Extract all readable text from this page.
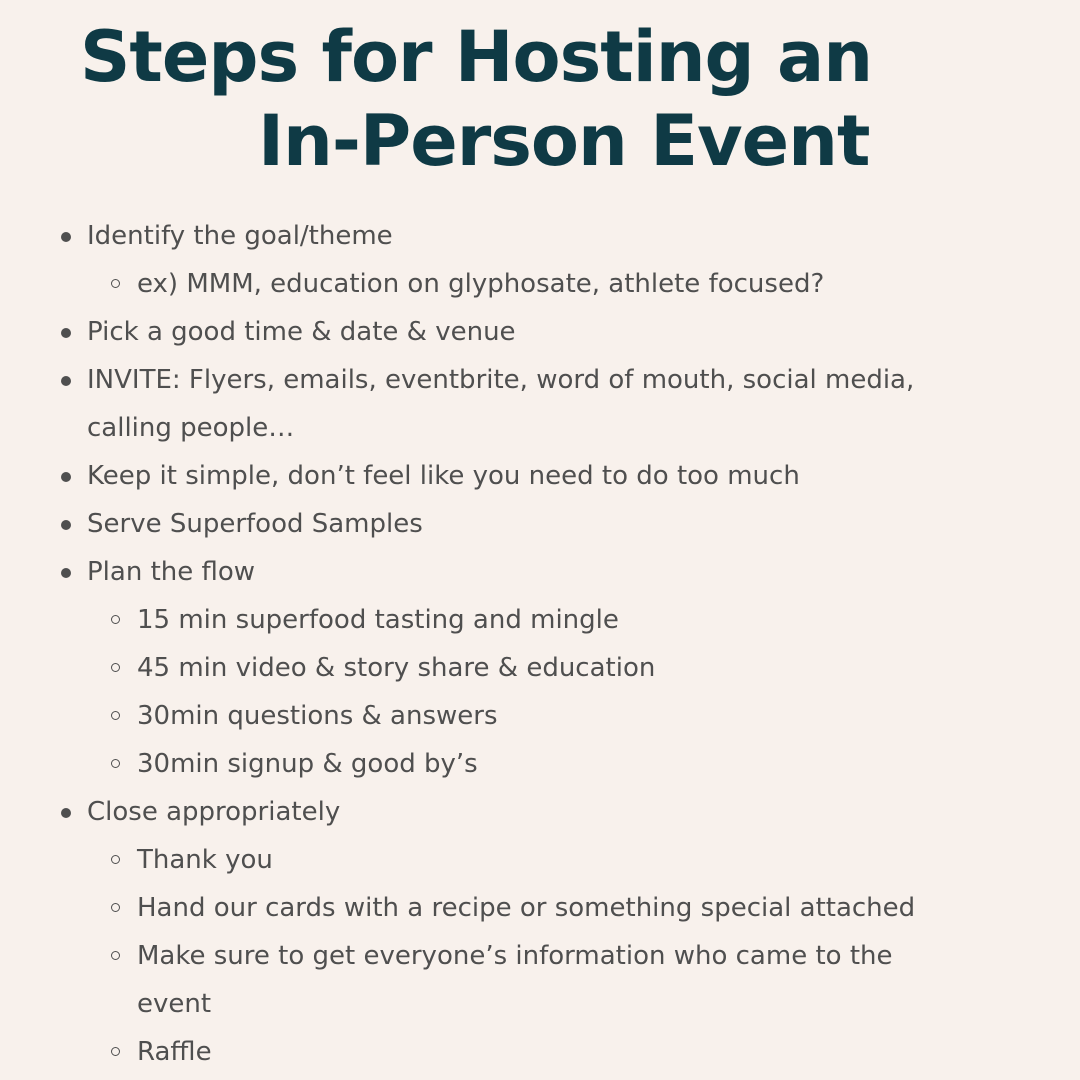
Steps for Hosting an
In-Person Event
Identify the goal/theme
ex) MMM, education on glyphosate, athlete focused?
Pick a good time & date & venue
INVITE: Flyers, emails, eventbrite, word of mouth, social media,
calling people…
Keep it simple, don’t feel like you need to do too much
Serve Superfood Samples
Plan the flow
15 min superfood tasting and mingle
45 min video & story share & education
30min questions & answers
30min signup & good by’s
Close appropriately
Thank you
Hand our cards with a recipe or something special attached
Make sure to get everyone’s information who came to the
event
Raffle
